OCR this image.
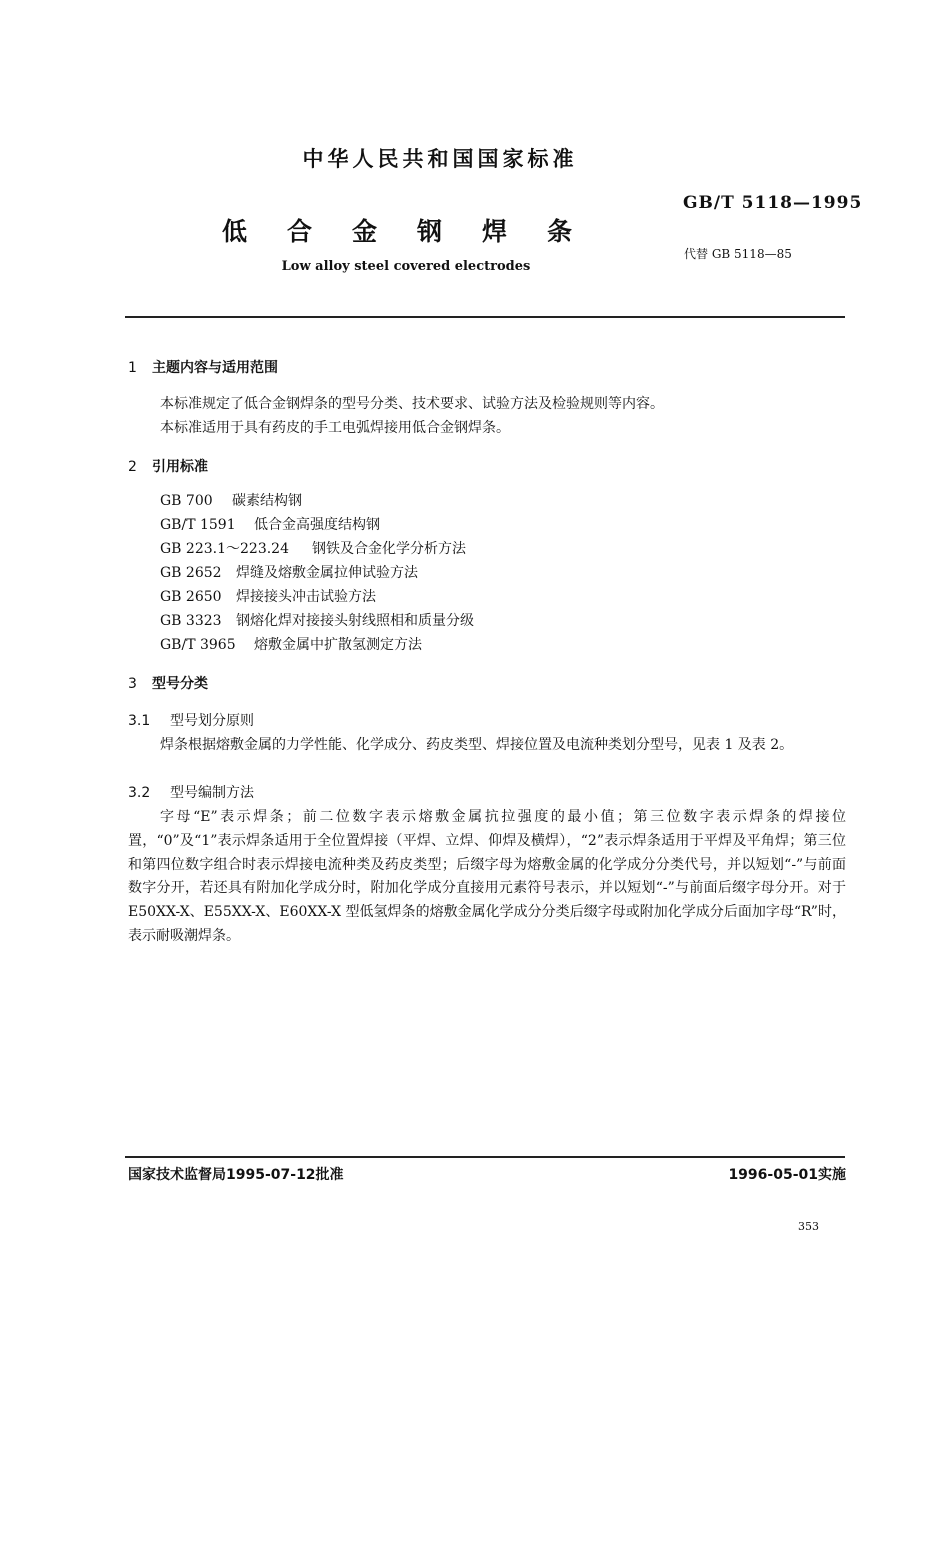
中华人民共和国国家标准
GB/T 5118—1995
低合金钢焊条
代替 GB 5118—85
Low alloy steel covered electrodes
1 主题内容与适用范围

本标准规定了低合金钢焊条的型号分类、技术要求、试验方法及检验规则等内容。

本标准适用于具有药皮的手工电弧焊接用低合金钢焊条。

2 引用标准
GB 700 碳素结构钢
GB/T 1591 低合金高强度结构钢
GB 223.1～223.24 钢铁及合金化学分析方法
GB 2652 焊缝及熔敷金属拉伸试验方法
GB 2650 焊接接头冲击试验方法
GB 3323 钢熔化焊对接接头射线照相和质量分级
GB/T 3965 熔敷金属中扩散氢测定方法
3 型号分类
3.1 型号划分原则

焊条根据熔敷金属的力学性能、化学成分、药皮类型、焊接位置及电流种类划分型号，见表 1 及表 2。

3.2 型号编制方法

字母“E”表示焊条；前二位数字表示熔敷金属抗拉强度的最小值；第三位数字表示焊条的焊接位置，“0”及“1”表示焊条适用于全位置焊接（平焊、立焊、仰焊及横焊），“2”表示焊条适用于平焊及平角焊；第三位和第四位数字组合时表示焊接电流种类及药皮类型；后缀字母为熔敷金属的化学成分分类代号，并以短划“-”与前面数字分开，若还具有附加化学成分时，附加化学成分直接用元素符号表示，并以短划“-”与前面后缀字母分开。对于 E50XX-X、E55XX-X、E60XX-X 型低氢焊条的熔敷金属化学成分分类后缀字母或附加化学成分后面加字母“R”时，表示耐吸潮焊条。

国家技术监督局1995-07-12批准	1996-05-01实施
353
